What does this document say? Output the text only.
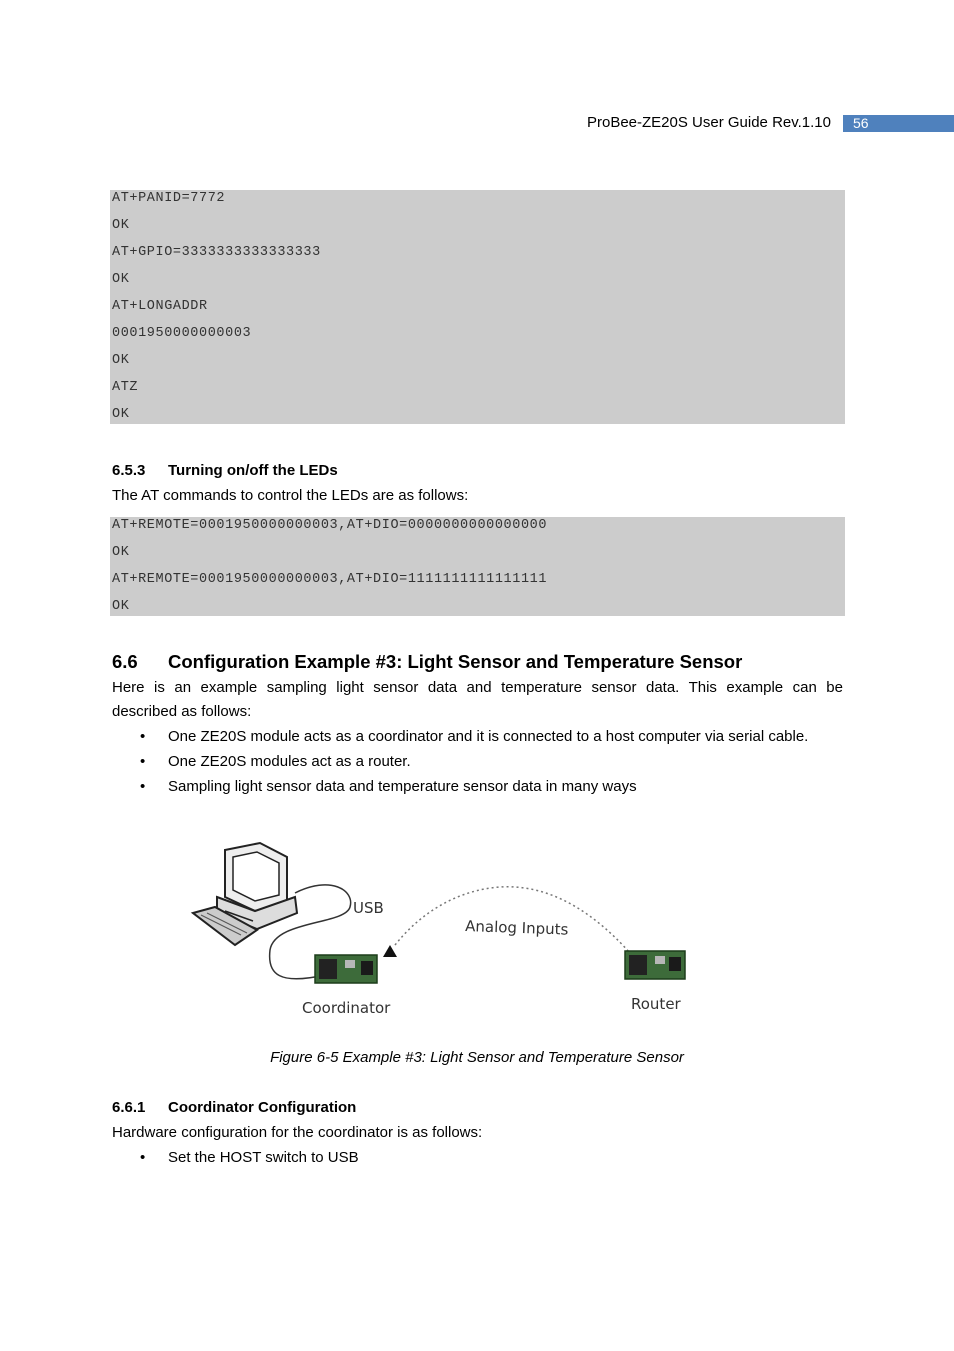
ProBee-ZE20S User Guide Rev.1.10	56
AT+PANID=7772
OK
AT+GPIO=3333333333333333
OK
AT+LONGADDR
0001950000000003
OK
ATZ
OK
6.5.3 Turning on/off the LEDs
The AT commands to control the LEDs are as follows:
AT+REMOTE=0001950000000003,AT+DIO=0000000000000000
OK
AT+REMOTE=0001950000000003,AT+DIO=1111111111111111
OK
6.6 Configuration Example #3: Light Sensor and Temperature Sensor
Here is an example sampling light sensor data and temperature sensor data. This example can be
described as follows:
• One ZE20S module acts as a coordinator and it is connected to a host computer via serial cable.
• One ZE20S modules act as a router.
• Sampling light sensor data and temperature sensor data in many ways
USB
Analog Inputs
Coordinator	Router
Figure 6-5 Example #3: Light Sensor and Temperature Sensor
6.6.1 Coordinator Configuration
Hardware configuration for the coordinator is as follows:
• Set the HOST switch to USB
